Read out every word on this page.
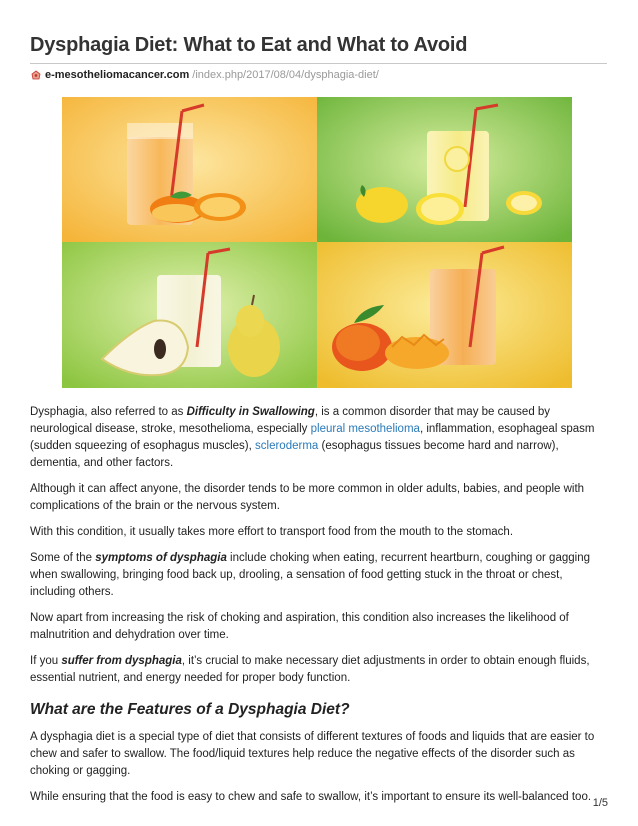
Dysphagia Diet: What to Eat and What to Avoid
e-mesotheliomacancer.com /index.php/2017/08/04/dysphagia-diet/

Dysphagia, also referred to as Difficulty in Swallowing, is a common disorder that may be caused by neurological disease, stroke, mesothelioma, especially pleural mesothelioma, inflammation, esophageal spasm (sudden squeezing of esophagus muscles), scleroderma (esophagus tissues become hard and narrow), dementia, and other factors.

Although it can affect anyone, the disorder tends to be more common in older adults, babies, and people with complications of the brain or the nervous system.

With this condition, it usually takes more effort to transport food from the mouth to the stomach.

Some of the symptoms of dysphagia include choking when eating, recurrent heartburn, coughing or gagging when swallowing, bringing food back up, drooling, a sensation of food getting stuck in the throat or chest, including others.

Now apart from increasing the risk of choking and aspiration, this condition also increases the likelihood of malnutrition and dehydration over time.

If you suffer from dysphagia, it’s crucial to make necessary diet adjustments in order to obtain enough fluids, essential nutrient, and energy needed for proper body function.

What are the Features of a Dysphagia Diet?

A dysphagia diet is a special type of diet that consists of different textures of foods and liquids that are easier to chew and safer to swallow. The food/liquid textures help reduce the negative effects of the disorder such as choking or gagging.

While ensuring that the food is easy to chew and safe to swallow, it’s important to ensure its well-balanced too. 1/5
